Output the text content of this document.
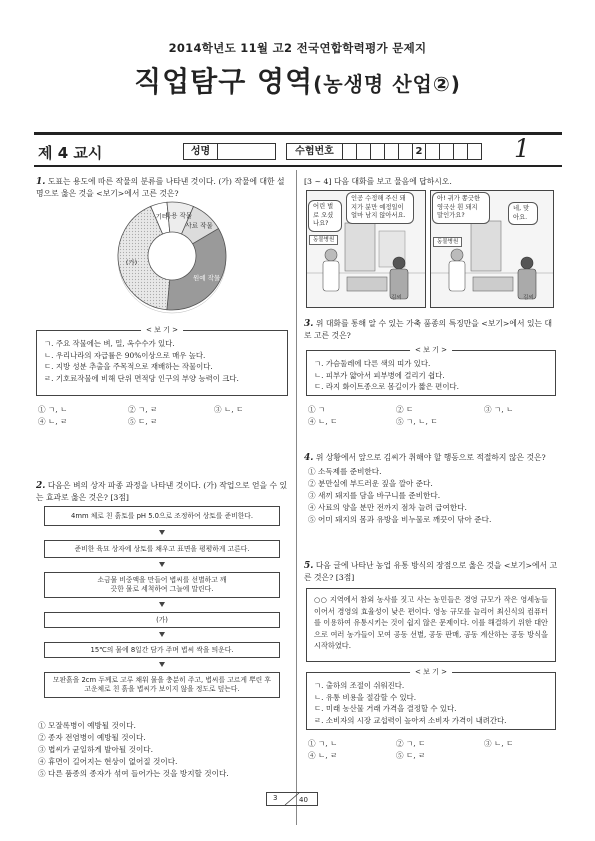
2014학년도 11월 고2 전국연합학력평가 문제지
직업탐구 영역(농생명 산업②)
제 4 교시	성명	수험번호	2	1
1. 도표는 용도에 따른 작물의 분류를 나타낸 것이다. (가) 작물에 대한 설명으로 옳은 것을 <보기>에서 고른 것은?
기타
특용 작물
사료 작물
원예 작물
(가)
< 보 기 >
ㄱ. 주요 작물에는 벼, 밀, 옥수수가 있다.
ㄴ. 우리나라의 자급률은 90%이상으로 매우 높다.
ㄷ. 지방 성분 추출을 주목적으로 재배하는 작물이다.
ㄹ. 기호료작물에 비해 단위 면적당 인구의 부양 능력이 크다.
① ㄱ, ㄴ	② ㄱ, ㄹ	③ ㄴ, ㄷ
④ ㄴ, ㄹ	⑤ ㄷ, ㄹ
2. 다음은 벼의 상자 파종 과정을 나타낸 것이다. (가) 작업으로 얻을 수 있는 효과로 옳은 것은? [3점]
4mm 체로 친 흙토를 pH 5.0으로 조정하여 상토를 준비한다.
준비한 육묘 상자에 상토를 채우고 표면을 평평하게 고른다.
소금물 비중액을 만들어 볍씨를 선별하고 깨끗한 물로 세척하여 그늘에 말린다.
(가)
15℃의 물에 8일간 담가 주며 볍씨 싹을 틔운다.
모판흙을 2cm 두께로 고루 채워 물을 충분히 주고, 볍씨를 고르게 뿌린 후 고운체로 친 흙을 볍씨가 보이지 않을 정도로 덮는다.
① 모잘록병이 예방될 것이다.
② 종자 전염병이 예방될 것이다.
③ 볍씨가 균일하게 발아될 것이다.
④ 휴면이 길어지는 현상이 없어질 것이다.
⑤ 다른 품종의 종자가 섞여 들어가는 것을 방지할 것이다.
[3 ~ 4] 다음 대화를 보고 물음에 답하시오.
동물병원
김씨
어린 벌로 오셨나요?
인공 수정해 주신 돼지가 분만 예정일이 얼마 남지 않아서요.
동물병원
김씨
아! 귀가 쫑긋한 영국산 흰 돼지 말인가요?
네, 맞아요.
3. 위 대화를 통해 알 수 있는 가축 품종의 특징만을 <보기>에서 있는 대로 고른 것은?
< 보 기 >
ㄱ. 가슴둘레에 다른 색의 띠가 있다.
ㄴ. 피부가 얇아서 피부병에 걸리기 쉽다.
ㄷ. 라지 화이트종으로 몸길이가 짧은 편이다.
① ㄱ	② ㄷ	③ ㄱ, ㄴ
④ ㄴ, ㄷ	⑤ ㄱ, ㄴ, ㄷ
4. 위 상황에서 앞으로 김씨가 취해야 할 행동으로 적절하지 않은 것은?
① 소독제를 준비한다.
② 분만실에 부드러운 짚을 깔아 준다.
③ 새끼 돼지를 담을 바구니를 준비한다.
④ 사료의 양을 분만 전까지 점차 늘려 급여한다.
⑤ 어미 돼지의 몸과 유방을 비누물로 깨끗이 닦아 준다.
5. 다음 글에 나타난 농업 유통 방식의 장점으로 옳은 것을 <보기>에서 고른 것은? [3점]
○○ 지역에서 참외 농사를 짓고 사는 농민들은 경영 규모가 작은 영세농들이어서 경영의 효율성이 낮은 편이다. 영농 규모를 늘리어 최신식의 컴퓨터를 이용하여 유통시키는 것이 쉽지 않은 문제이다. 이를 해결하기 위한 대안으로 여러 농가들이 모여 공동 선별, 공동 판매, 공동 계산하는 공동 방식을 시작하였다.
< 보 기 >
ㄱ. 출하의 조절이 쉬워진다.
ㄴ. 유통 비용을 절감할 수 있다.
ㄷ. 미래 농산물 거래 가격을 결정할 수 있다.
ㄹ. 소비자의 시장 교섭력이 높아져 소비자 가격이 내려간다.
① ㄱ, ㄴ	② ㄱ, ㄷ	③ ㄴ, ㄷ
④ ㄴ, ㄹ	⑤ ㄷ, ㄹ
3	40
